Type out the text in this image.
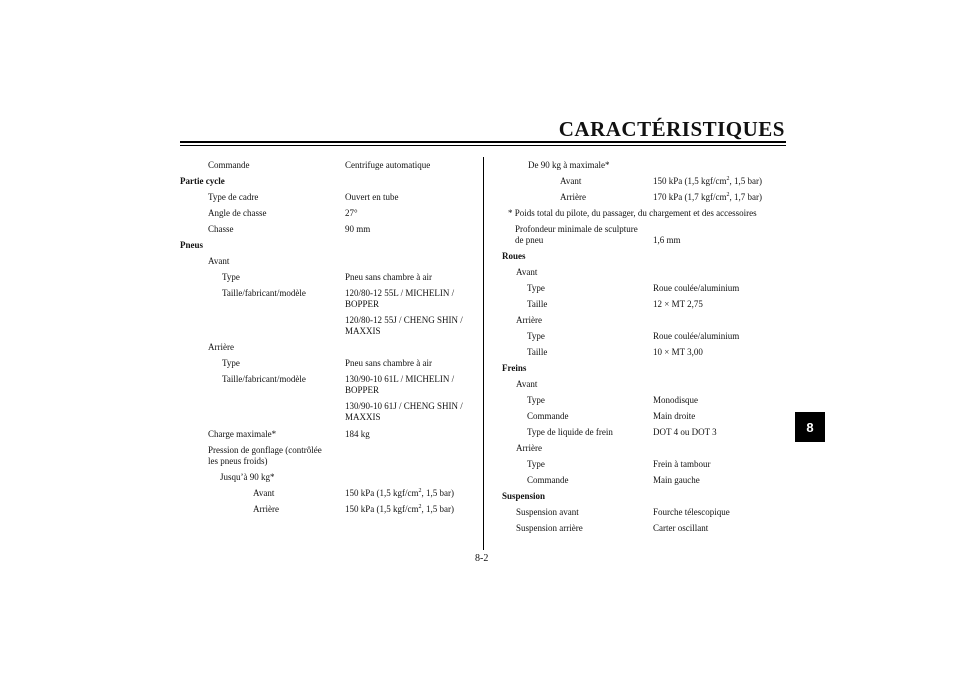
CARACTÉRISTIQUES
Commande	Centrifuge automatique
Partie cycle
Type de cadre	Ouvert en tube
Angle de chasse	27°
Chasse	90 mm
Pneus
Avant
Type	Pneu sans chambre à air
Taille/fabricant/modèle	120/80-12 55L / MICHELIN /
BOPPER
120/80-12 55J / CHENG SHIN /
MAXXIS
Arrière
Type	Pneu sans chambre à air
Taille/fabricant/modèle	130/90-10 61L / MICHELIN /
BOPPER
130/90-10 61J / CHENG SHIN /
MAXXIS
Charge maximale*	184 kg
Pression de gonflage (contrôlée
les pneus froids)
Jusqu’à 90 kg*
Avant	150 kPa (1,5 kgf/$cm^2$, 1,5 bar)
Arrière	150 kPa (1,5 kgf/$cm^2$, 1,5 bar)
De 90 kg à maximale*
Avant	150 kPa (1,5 kgf/$cm^2$, 1,5 bar)
Arrière	170 kPa (1,7 kgf/$cm^2$, 1,7 bar)
* Poids total du pilote, du passager, du chargement et des accessoires
Profondeur minimale de sculpture
de pneu	1,6 mm
Roues
Avant
Type	Roue coulée/aluminium
Taille	12 × MT 2,75
Arrière
Type	Roue coulée/aluminium
Taille	10 × MT 3,00
Freins
Avant
Type	Monodisque
Commande	Main droite
Type de liquide de frein	DOT 4 ou DOT 3
Arrière
Type	Frein à tambour
Commande	Main gauche
Suspension
Suspension avant	Fourche télescopique
Suspension arrière	Carter oscillant
8-2
8
